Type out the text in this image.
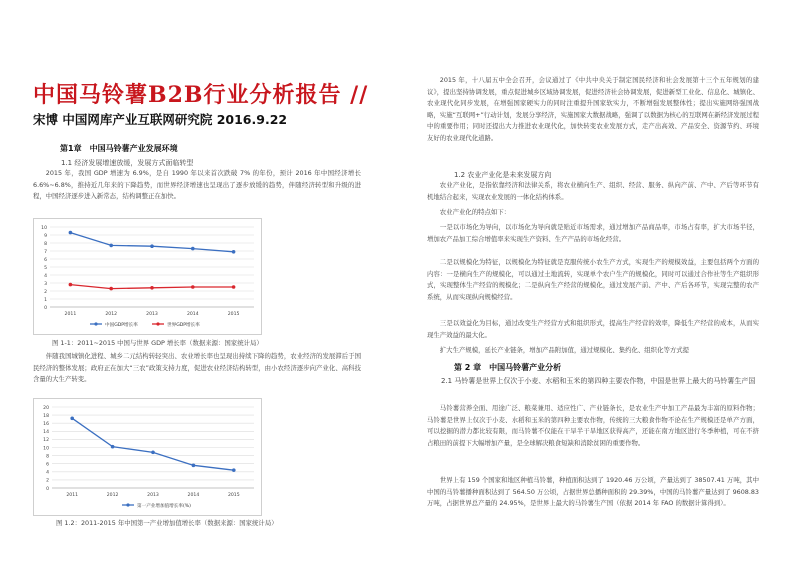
中国马铃薯B2B行业分析报告 //
宋博 中国网库产业互联网研究院 2016.9.22
第1章　中国马铃薯产业发展环境
1.1 经济发展增速放缓，发展方式面临转型
2015 年，我国 GDP 增速为 6.9%，是自 1990 年以来首次跌破 7% 的年份，预计 2016 年中国经济增长 6.6%~6.8%，推持近几年来的下降趋势，而世界经济增速也呈现出了逐步放缓的趋势，伴随经济转型和升级的进程，中国经济逐步进入新常态，结构调整正在加快。
0
1
2
3
4
5
6
7
8
9
10
2011	2012	2013	2014	2015
中国GDP增长率	世界GDP增长率
图 1-1：2011~2015 中国与世界 GDP 增长率（数据来源：国家统计局）
伴随我国城镇化进程、城乡二元结构转轻突出、农业增长率也呈现出持续下降的趋势，农业经济的发展滞后于国民经济的整体发展；政府正在加大“三农”政策支持力度，促进农业经济结构转型，由小农经济逐步向产业化、高科技含量的大生产转变。
0
2
4
6
8
10
12
14
16
18
20
2011	2012	2013	2014	2015
第一产业增加值增长率(%)
图 1.2：2011-2015 年中国第一产业增加值增长率（数据来源：国家统计局）
2015 年，十八届五中全会召开，会议通过了《中共中央关于制定国民经济和社会发展第十三个五年规划的建议》，提出坚持协调发展，重点促进城乡区域协调发展，促进经济社会协调发展，促进新型工业化、信息化、城镇化、农业现代化同步发展，在增强国家硬实力的同时注重提升国家软实力，不断增强发展整体性；提出实施网络强国战略，实施“互联网+”行动计划，发展分享经济，实施国家大数据战略，强调了以数据为核心的互联网在新经济发展过程中的重要作用；同时还提出大力推进农业现代化，加快转变农业发展方式，走产出高效、产品安全、资源节约、环境友好的农业现代化道路。
1.2 农业产业化是未来发展方向
农业产业化，是指依靠经济和法律关系，将农业横向生产、组织、经营、服务、纵向产前、产中、产后等环节有机地结合起来，实现农业发展的一体化结构体系。
农业产业化的特点如下：
一是以市场化为导向，以市场化为导向就是贴近市场需求，通过增加产品商品率，市场占有率，扩大市场半径，增加农产品加工综合增值率来实现生产资料、生产产品的市场化经营。
二是以规模化为特征，以规模化为特征就是克服传统小农生产方式，实现生产的规模效益，主要包括两个方面的内容：一是横向生产的规模化，可以通过土地流转，实现单个农户生产的规模化，同时可以通过合作社等生产组织形式，实现整体生产经营的规模化；二是纵向生产经营的规模化，通过发展产前、产中、产后各环节，实现完整的农产系统，从而实现纵向规模经营。
三是以效益化为目标，通过改变生产经营方式和组织形式，提高生产经营的效率，降低生产经营的成本，从而实现生产效益的最大化。
扩大生产规模，延长产业链条，增加产品附加值，通过规模化、集约化、组织化等方式提
第 2 章　中国马铃薯产业分析
2.1 马铃薯是世界上仅次于小麦、水稻和玉米的第四种主要农作物，中国是世界上最大的马铃薯生产国
马铃薯营养全面、用途广泛、粮菜兼用、适应性广、产业链条长，是农业生产中加工产品最为丰富的原料作物；马铃薯是世界上仅次于小麦、水稻和玉米的第四种主要农作物，传统的三大粮食作物不论在生产规模还是单产方面，可以挖掘的潜力都比较有限，而马铃薯不仅能在干旱半干旱地区获得高产，还能在南方地区进行冬季种植，可在不挤占粮田的前提下大幅增加产量，是全球解决粮食短缺和消除贫困的重要作物。
世界上有 159 个国家和地区种植马铃薯，种植面积达到了 1920.46 万公顷，产量达到了 38507.41 万吨，其中中国的马铃薯播种面积达到了 564.50 万公顷，占据世界总播种面积的 29.39%，中国的马铃薯产量达到了 9608.83 万吨，占据世界总产量的 24.95%，是世界上最大的马铃薯生产国（依据 2014 年 FAO 的数据计算得到）。
